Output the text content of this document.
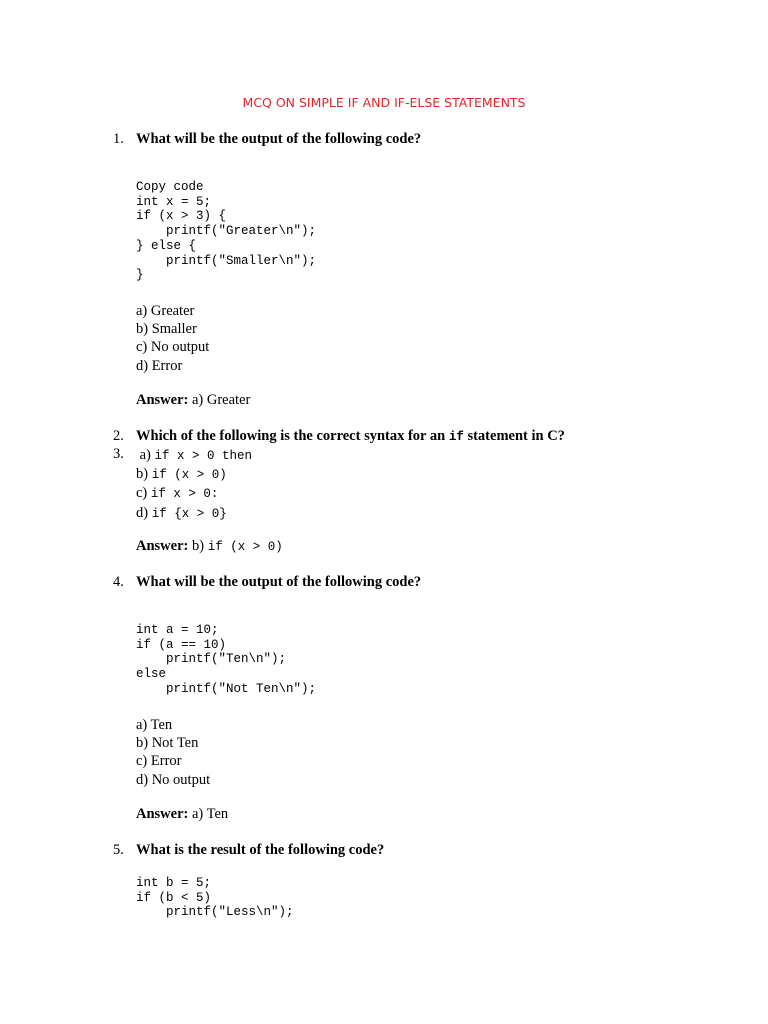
MCQ ON SIMPLE IF AND IF-ELSE STATEMENTS
1. What will be the output of the following code?
Copy code
int x = 5;
if (x > 3) {
printf("Greater\n");
} else {
printf("Smaller\n");
}
a) Greater
b) Smaller
c) No output
d) Error
Answer: a) Greater
2. Which of the following is the correct syntax for an if statement in C?
3. a) if x > 0 then
b) if (x > 0)
c) if x > 0:
d) if {x > 0}
Answer: b) if (x > 0)
4. What will be the output of the following code?
int a = 10;
if (a == 10)
printf("Ten\n");
else
printf("Not Ten\n");
a) Ten
b) Not Ten
c) Error
d) No output
Answer: a) Ten
5. What is the result of the following code?
int b = 5;
if (b < 5)
printf("Less\n");
